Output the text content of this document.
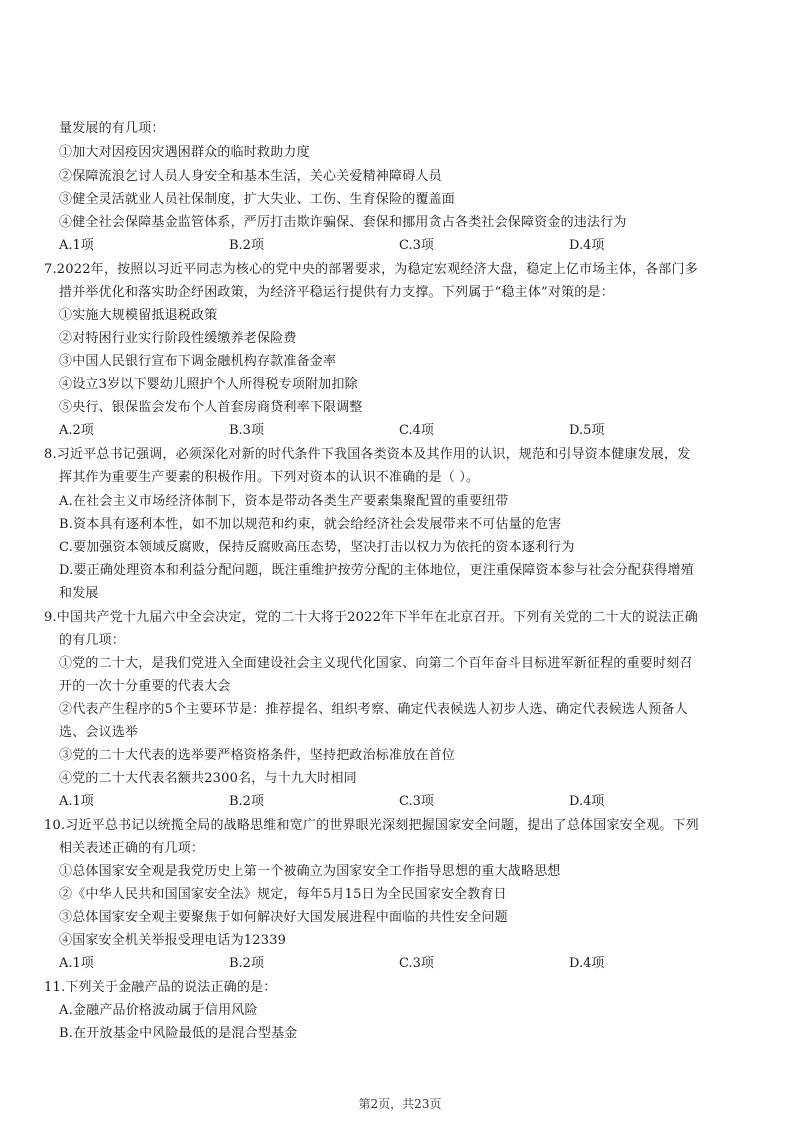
量发展的有几项：
①加大对因疫因灾遇困群众的临时救助力度
②保障流浪乞讨人员人身安全和基本生活，关心关爱精神障碍人员
③健全灵活就业人员社保制度，扩大失业、工伤、生育保险的覆盖面
④健全社会保障基金监管体系，严厉打击欺诈骗保、套保和挪用贪占各类社会保障资金的违法行为
A.1项	B.2项	C.3项	D.4项
7.2022年，按照以习近平同志为核心的党中央的部署要求，为稳定宏观经济大盘，稳定上亿市场主体，各部门多
措并举优化和落实助企纾困政策，为经济平稳运行提供有力支撑。下列属于“稳主体”对策的是：
①实施大规模留抵退税政策
②对特困行业实行阶段性缓缴养老保险费
③中国人民银行宣布下调金融机构存款准备金率
④设立3岁以下婴幼儿照护个人所得税专项附加扣除
⑤央行、银保监会发布个人首套房商贷利率下限调整
A.2项	B.3项	C.4项	D.5项
8.习近平总书记强调，必须深化对新的时代条件下我国各类资本及其作用的认识，规范和引导资本健康发展，发
挥其作为重要生产要素的积极作用。下列对资本的认识不准确的是（ ）。
A.在社会主义市场经济体制下，资本是带动各类生产要素集聚配置的重要纽带
B.资本具有逐利本性，如不加以规范和约束，就会给经济社会发展带来不可估量的危害
C.要加强资本领域反腐败，保持反腐败高压态势，坚决打击以权力为依托的资本逐利行为
D.要正确处理资本和利益分配问题，既注重维护按劳分配的主体地位，更注重保障资本参与社会分配获得增殖
和发展
9.中国共产党十九届六中全会决定，党的二十大将于2022年下半年在北京召开。下列有关党的二十大的说法正确
的有几项：
①党的二十大，是我们党进入全面建设社会主义现代化国家、向第二个百年奋斗目标进军新征程的重要时刻召
开的一次十分重要的代表大会
②代表产生程序的5个主要环节是：推荐提名、组织考察、确定代表候选人初步人选、确定代表候选人预备人
选、会议选举
③党的二十大代表的选举要严格资格条件，坚持把政治标准放在首位
④党的二十大代表名额共2300名，与十九大时相同
A.1项	B.2项	C.3项	D.4项
10.习近平总书记以统揽全局的战略思维和宽广的世界眼光深刻把握国家安全问题，提出了总体国家安全观。下列
相关表述正确的有几项：
①总体国家安全观是我党历史上第一个被确立为国家安全工作指导思想的重大战略思想
②《中华人民共和国国家安全法》规定，每年5月15日为全民国家安全教育日
③总体国家安全观主要聚焦于如何解决好大国发展进程中面临的共性安全问题
④国家安全机关举报受理电话为12339
A.1项	B.2项	C.3项	D.4项
11.下列关于金融产品的说法正确的是：
A.金融产品价格波动属于信用风险
B.在开放基金中风险最低的是混合型基金
第2页，共23页
